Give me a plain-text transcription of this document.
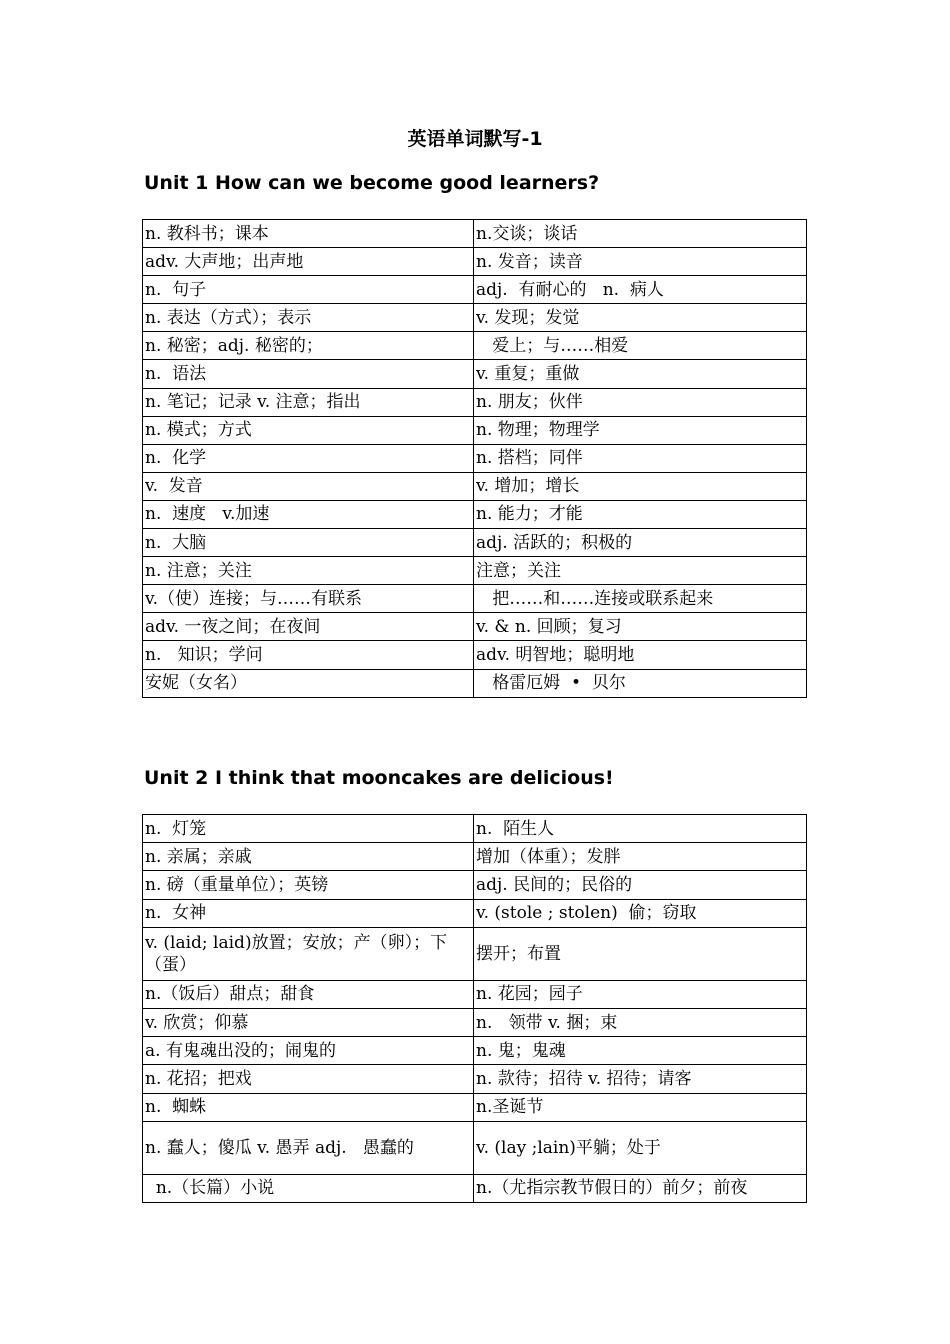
英语单词默写-1
Unit 1 How can we become good learners?
n. 教科书；课本	n.交谈；谈话
adv. 大声地；出声地	n. 发音；读音
n.  句子	adj.  有耐心的   n.  病人
n. 表达（方式）；表示	v. 发现；发觉
n. 秘密；adj. 秘密的；	爱上；与……相爱
n.  语法	v. 重复；重做
n. 笔记；记录 v. 注意；指出	n. 朋友；伙伴
n. 模式；方式	n. 物理；物理学
n.  化学	n. 搭档；同伴
v.  发音	v. 增加；增长
n.  速度   v.加速	n. 能力；才能
n.  大脑	adj. 活跃的；积极的
n. 注意；关注	注意；关注
v.（使）连接；与……有联系	把……和……连接或联系起来
adv. 一夜之间；在夜间	v. & n. 回顾；复习
n.   知识；学问	adv. 明智地；聪明地
安妮（女名）	格雷厄姆  •  贝尔
Unit 2 I think that mooncakes are delicious!
n.  灯笼	n.  陌生人
n. 亲属；亲戚	增加（体重）；发胖
n. 磅（重量单位）；英镑	adj. 民间的；民俗的
n.  女神	v. (stole ; stolen)  偷；窃取
v. (laid; laid)放置；安放；产（卵）；下（蛋）	摆开；布置
n.（饭后）甜点；甜食	n. 花园；园子
v. 欣赏；仰慕	n.   领带 v. 捆；束
a. 有鬼魂出没的；闹鬼的	n. 鬼；鬼魂
n. 花招；把戏	n. 款待；招待 v. 招待；请客
n.  蜘蛛	n.圣诞节
n. 蠢人；傻瓜 v. 愚弄 adj.   愚蠢的	v. (lay ;lain)平躺；处于
n.（长篇）小说	n.（尤指宗教节假日的）前夕；前夜
